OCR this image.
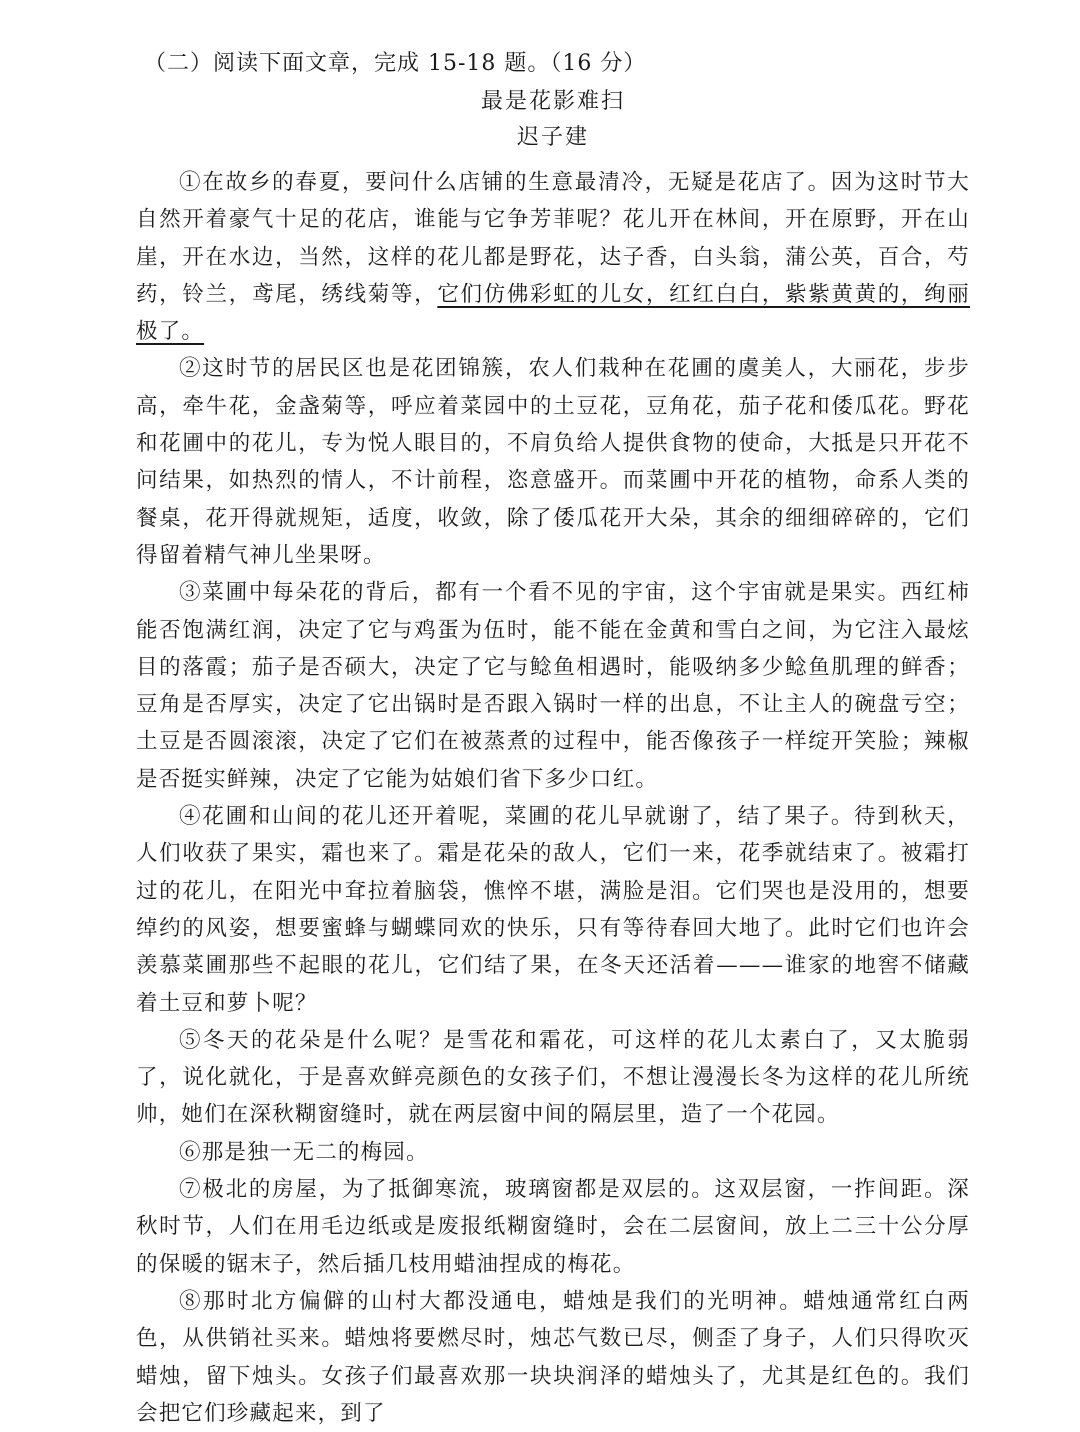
（二）阅读下面文章，完成 15-18 题。（16 分）
最是花影难扫
迟子建

①在故乡的春夏，要问什么店铺的生意最清冷，无疑是花店了。因为这时节大自然开着豪气十足的花店，谁能与它争芳菲呢？花儿开在林间，开在原野，开在山崖，开在水边，当然，这样的花儿都是野花，达子香，白头翁，蒲公英，百合，芍药，铃兰，鸢尾，绣线菊等，它们仿佛彩虹的儿女，红红白白，紫紫黄黄的，绚丽极了。

②这时节的居民区也是花团锦簇，农人们栽种在花圃的虞美人，大丽花，步步高，牵牛花，金盏菊等，呼应着菜园中的土豆花，豆角花，茄子花和倭瓜花。野花和花圃中的花儿，专为悦人眼目的，不肩负给人提供食物的使命，大抵是只开花不问结果，如热烈的情人，不计前程，恣意盛开。而菜圃中开花的植物，命系人类的餐桌，花开得就规矩，适度，收敛，除了倭瓜花开大朵，其余的细细碎碎的，它们得留着精气神儿坐果呀。

③菜圃中每朵花的背后，都有一个看不见的宇宙，这个宇宙就是果实。西红柿能否饱满红润，决定了它与鸡蛋为伍时，能不能在金黄和雪白之间，为它注入最炫目的落霞；茄子是否硕大，决定了它与鲶鱼相遇时，能吸纳多少鲶鱼肌理的鲜香；豆角是否厚实，决定了它出锅时是否跟入锅时一样的出息，不让主人的碗盘亏空；土豆是否圆滚滚，决定了它们在被蒸煮的过程中，能否像孩子一样绽开笑脸；辣椒是否挺实鲜辣，决定了它能为姑娘们省下多少口红。

④花圃和山间的花儿还开着呢，菜圃的花儿早就谢了，结了果子。待到秋天，人们收获了果实，霜也来了。霜是花朵的敌人，它们一来，花季就结束了。被霜打过的花儿，在阳光中耷拉着脑袋，憔悴不堪，满脸是泪。它们哭也是没用的，想要绰约的风姿，想要蜜蜂与蝴蝶同欢的快乐，只有等待春回大地了。此时它们也许会羡慕菜圃那些不起眼的花儿，它们结了果，在冬天还活着———谁家的地窖不储藏着土豆和萝卜呢？

⑤冬天的花朵是什么呢？是雪花和霜花，可这样的花儿太素白了，又太脆弱了，说化就化，于是喜欢鲜亮颜色的女孩子们，不想让漫漫长冬为这样的花儿所统帅，她们在深秋糊窗缝时，就在两层窗中间的隔层里，造了一个花园。

⑥那是独一无二的梅园。

⑦极北的房屋，为了抵御寒流，玻璃窗都是双层的。这双层窗，一拃间距。深秋时节，人们在用毛边纸或是废报纸糊窗缝时，会在二层窗间，放上二三十公分厚的保暖的锯末子，然后插几枝用蜡油捏成的梅花。

⑧那时北方偏僻的山村大都没通电，蜡烛是我们的光明神。蜡烛通常红白两色，从供销社买来。蜡烛将要燃尽时，烛芯气数已尽，侧歪了身子，人们只得吹灭蜡烛，留下烛头。女孩子们最喜欢那一块块润泽的蜡烛头了，尤其是红色的。我们会把它们珍藏起来，到了
